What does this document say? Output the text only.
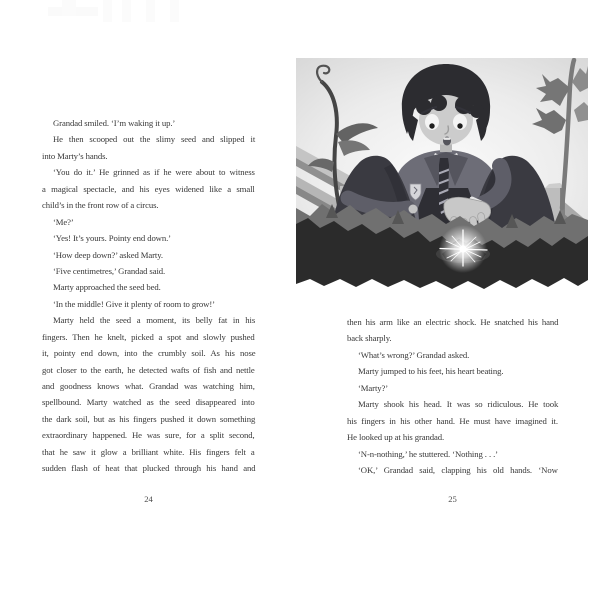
Grandad smiled. ‘I’m waking it up.’
He then scooped out the slimy seed and slipped it
into Marty’s hands.
‘You do it.’ He grinned as if he were about to witness
a magical spectacle, and his eyes widened like a small
child’s in the front row of a circus.
‘Me?’
‘Yes! It’s yours. Pointy end down.’
‘How deep down?’ asked Marty.
‘Five centimetres,’ Grandad said.
Marty approached the seed bed.
‘In the middle! Give it plenty of room to grow!’
Marty held the seed a moment, its belly fat in his
fingers. Then he knelt, picked a spot and slowly pushed
it, pointy end down, into the crumbly soil. As his nose
got closer to the earth, he detected wafts of fish and nettle
and goodness knows what. Grandad was watching him,
spellbound. Marty watched as the seed disappeared into
the dark soil, but as his fingers pushed it down something
extraordinary happened. He was sure, for a split second,
that he saw it glow a brilliant white. His fingers felt a
sudden flash of heat that plucked through his hand and
24
then his arm like an electric shock. He snatched his hand
back sharply.
‘What’s wrong?’ Grandad asked.
Marty jumped to his feet, his heart beating.
‘Marty?’
Marty shook his head. It was so ridiculous. He took
his fingers in his other hand. He must have imagined it.
He looked up at his grandad.
‘N-n-nothing,’ he stuttered. ‘Nothing . . .’
‘OK,’ Grandad said, clapping his old hands. ‘Now
25
